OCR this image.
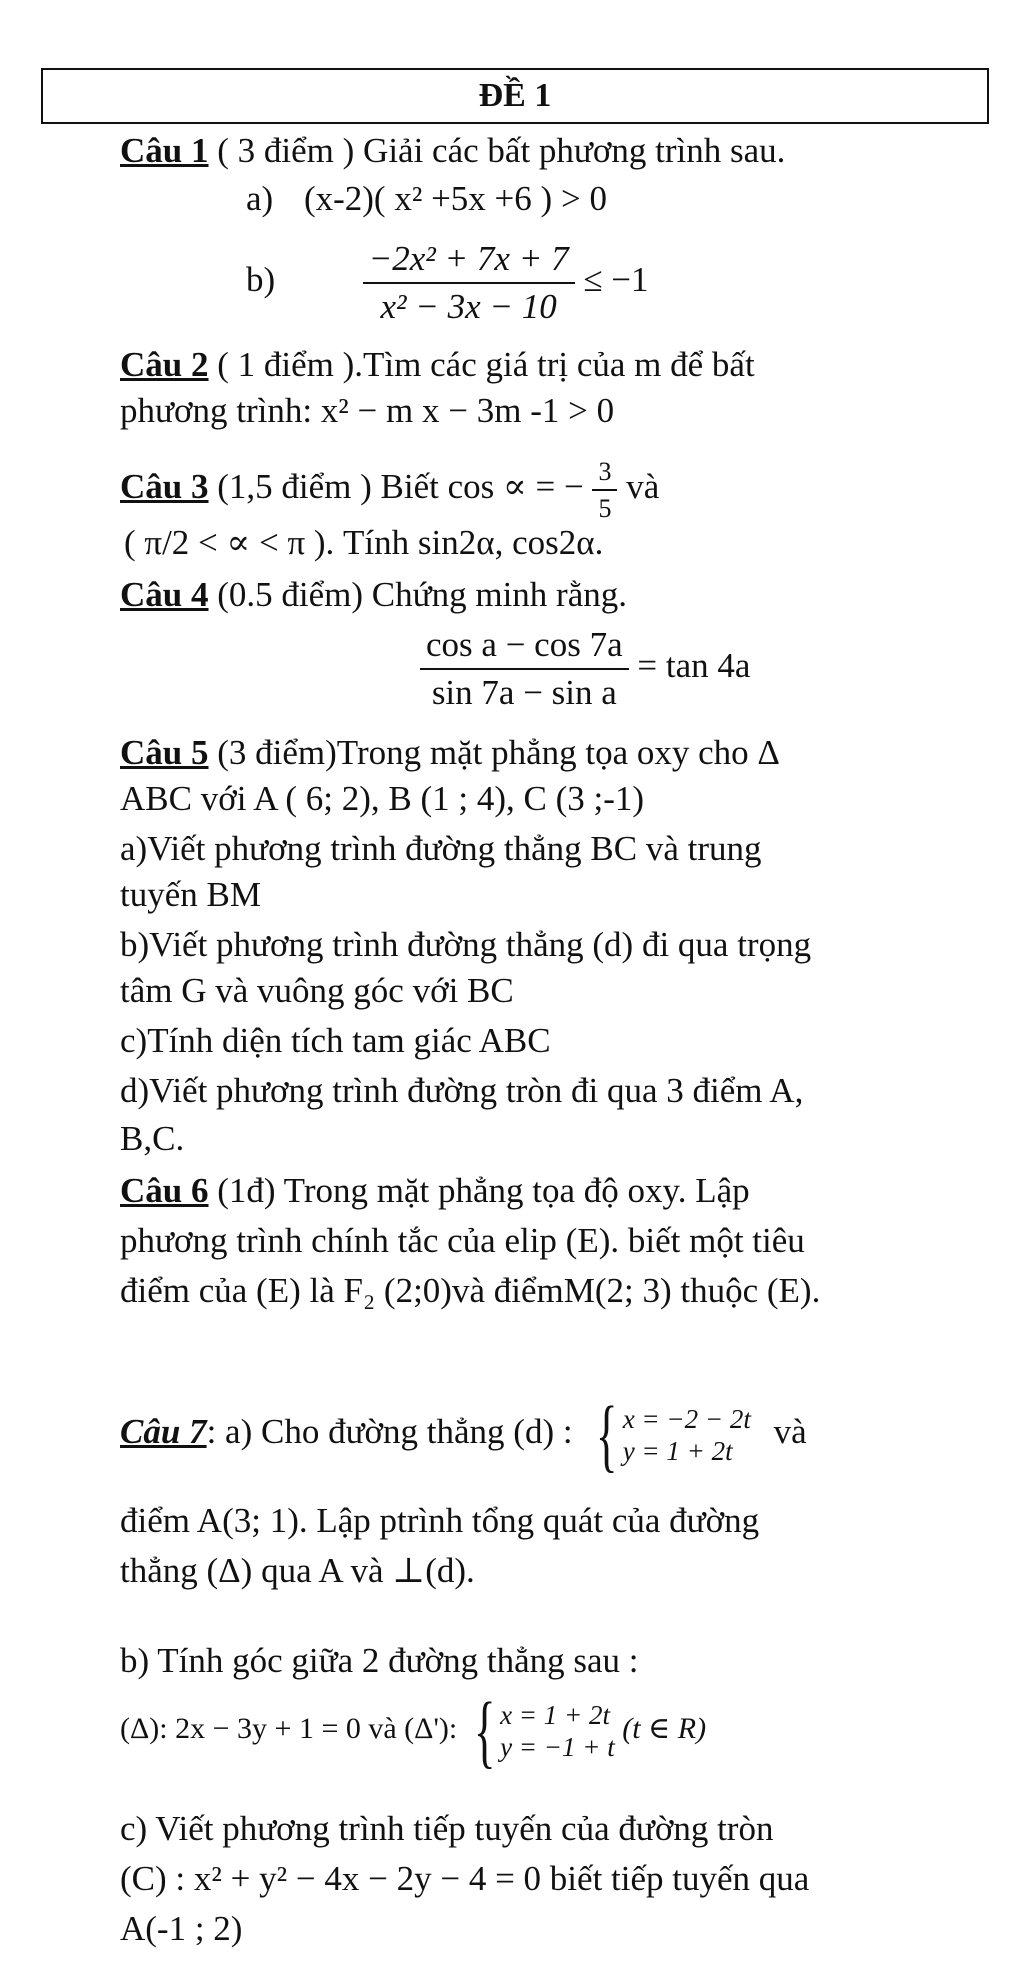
ĐỀ 1
Câu 1 ( 3 điểm ) Giải các bất phương trình sau.
a) (x-2)( x² +5x +6 ) > 0
b)	$\frac{\text{−2x² + 7x + 7}}{\text{x² − 3x − 10}} \le -1$
Câu 2 ( 1 điểm ).Tìm các giá trị của m để bất
phương trình: x² − m x − 3m -1 > 0
Câu 3 (1,5 điểm ) Biết cos ∝ = − $\frac{3}{5}$ và
( π/2 < ∝ < π ). Tính sin2α, cos2α.
Câu 4 (0.5 điểm) Chứng minh rằng.
$\frac{\text{cos a − cos 7a}}{\text{sin 7a − sin a}} = \tan 4a$
Câu 5 (3 điểm)Trong mặt phẳng tọa oxy cho Δ
ABC với A ( 6; 2), B (1 ; 4), C (3 ;-1)
a)Viết phương trình đường thẳng BC và trung
tuyến BM
b)Viết phương trình đường thẳng (d) đi qua trọng
tâm G và vuông góc với BC
c)Tính diện tích tam giác ABC
d)Viết phương trình đường tròn đi qua 3 điểm A,
B,C.
Câu 6 (1đ) Trong mặt phẳng tọa độ oxy. Lập
phương trình chính tắc của elip (E). biết một tiêu
điểm của (E) là F₂ (2;0)và điểmM(2; 3) thuộc (E).
Câu 7: a) Cho đường thẳng (d) : { x = −2 − 2t
y = 1 + 2t	và
điểm A(3; 1). Lập ptrình tổng quát của đường
thẳng (Δ) qua A và ⊥(d).
b) Tính góc giữa 2 đường thẳng sau :
(Δ): 2x − 3y + 1 = 0 và (Δ'): { x = 1 + 2t
y = −1 + t
(t ∈ R)
c) Viết phương trình tiếp tuyến của đường tròn
(C) : x² + y² − 4x − 2y − 4 = 0 biết tiếp tuyến qua
A(-1 ; 2)
